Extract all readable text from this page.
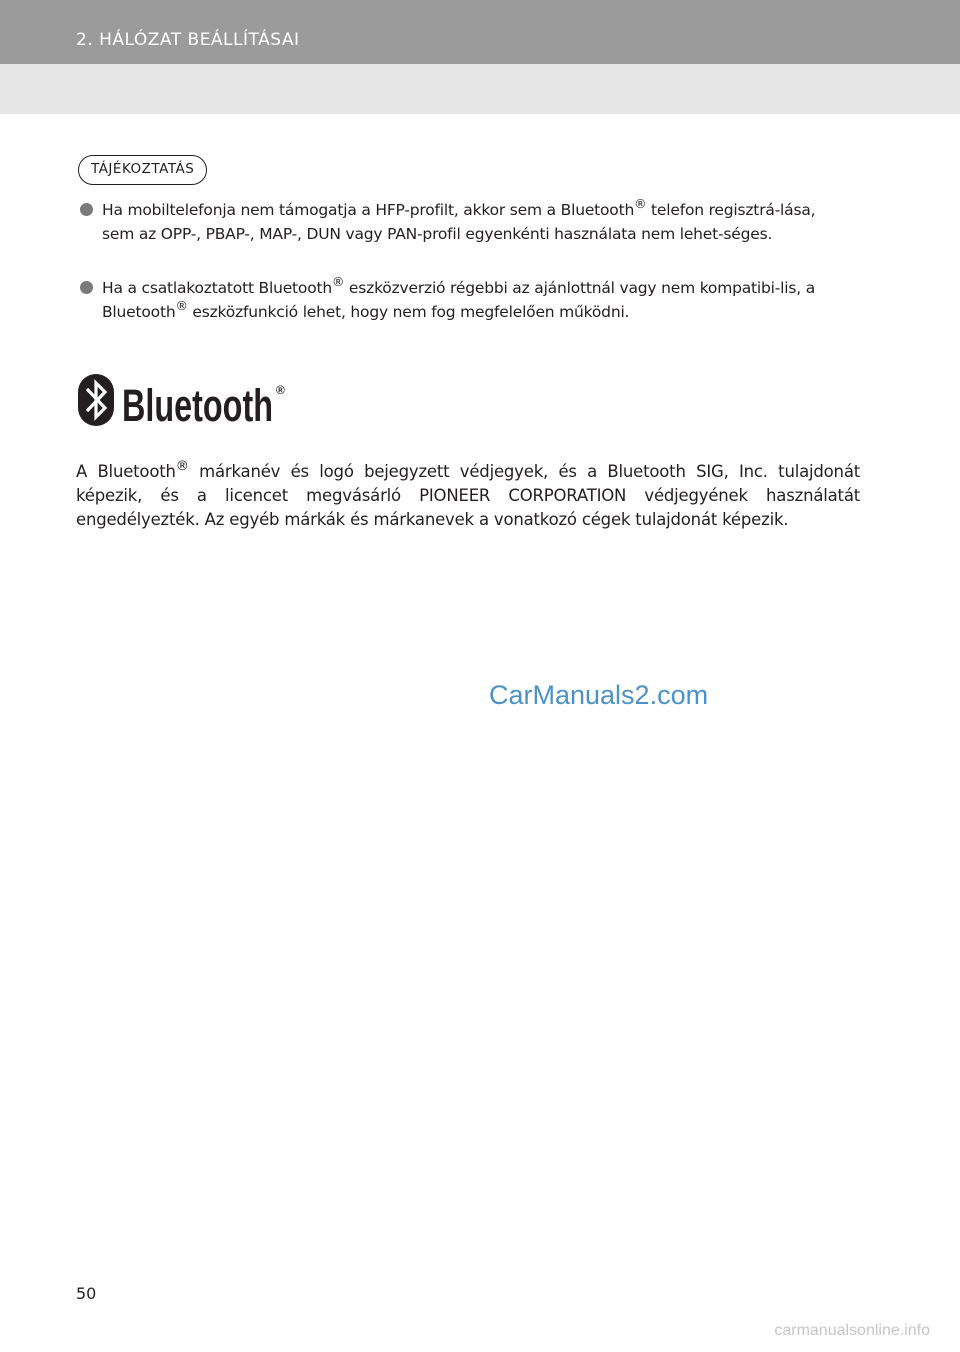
2. HÁLÓZAT BEÁLLÍTÁSAI
TÁJÉKOZTATÁS
Ha mobiltelefonja nem támogatja a HFP-profilt, akkor sem a Bluetooth® telefon regisztrá-lása, sem az OPP-, PBAP-, MAP-, DUN vagy PAN-profil egyenkénti használata nem lehet-séges.
Ha a csatlakoztatott Bluetooth® eszközverzió régebbi az ajánlottnál vagy nem kompatibi-lis, a Bluetooth® eszközfunkció lehet, hogy nem fog megfelelően működni.
Bluetooth ®
A Bluetooth® márkanév és logó bejegyzett védjegyek, és a Bluetooth SIG, Inc. tulajdonát képezik, és a licencet megvásárló PIONEER CORPORATION védjegyének használatát engedélyezték. Az egyéb márkák és márkanevek a vonatkozó cégek tulajdonát képezik.
CarManuals2.com
50
carmanualsonline.info
